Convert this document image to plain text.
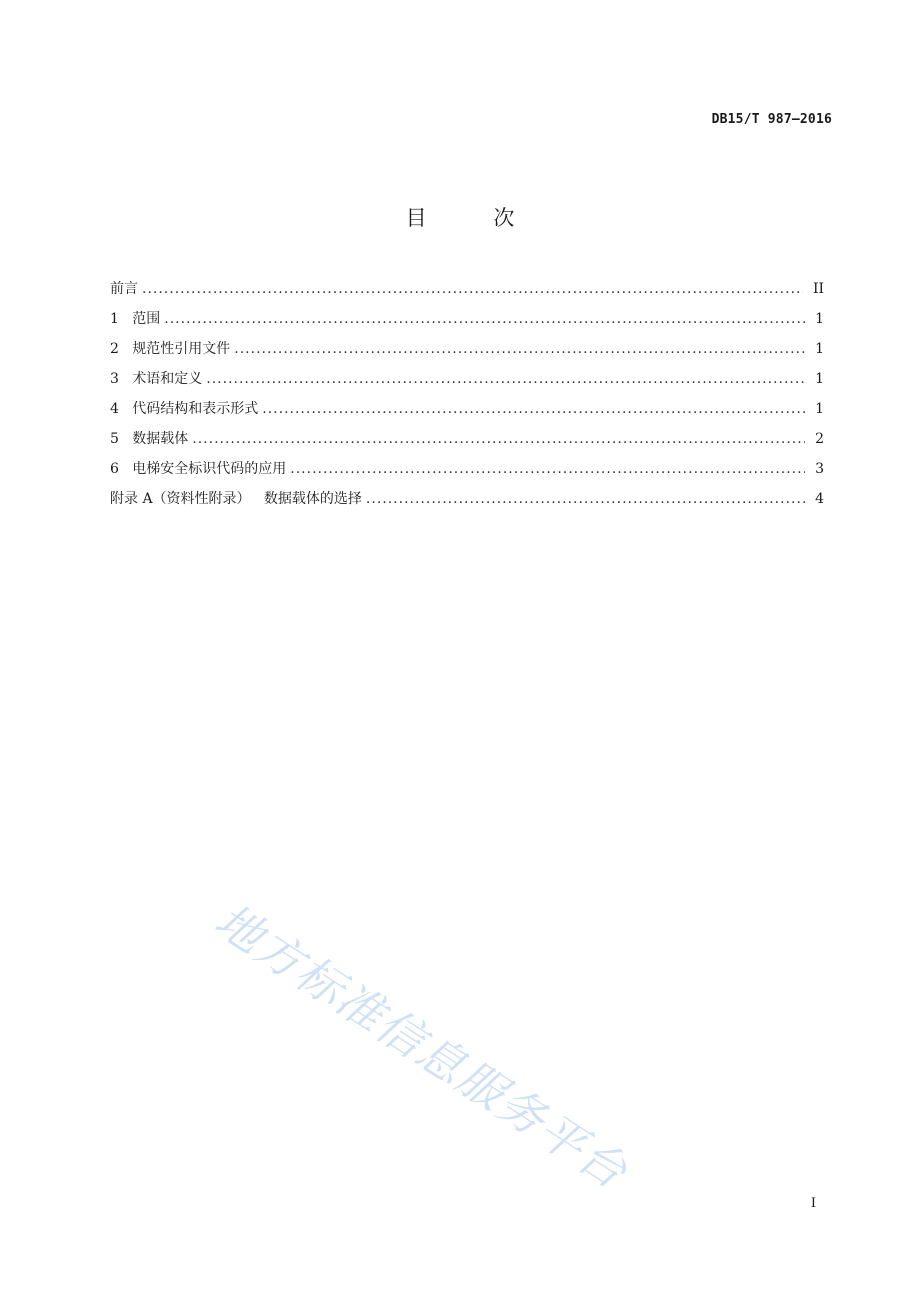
DB15/T 987—2016
目 次
前言 .....	II
1   范围 .....	1
2   规范性引用文件 .....	1
3   术语和定义 .....	1
4   代码结构和表示形式 .....	1
5   数据载体 .....	2
6   电梯安全标识代码的应用 .....	3
附录 A（资料性附录）   数据载体的选择 .....	4
地方标准信息服务平台
I
